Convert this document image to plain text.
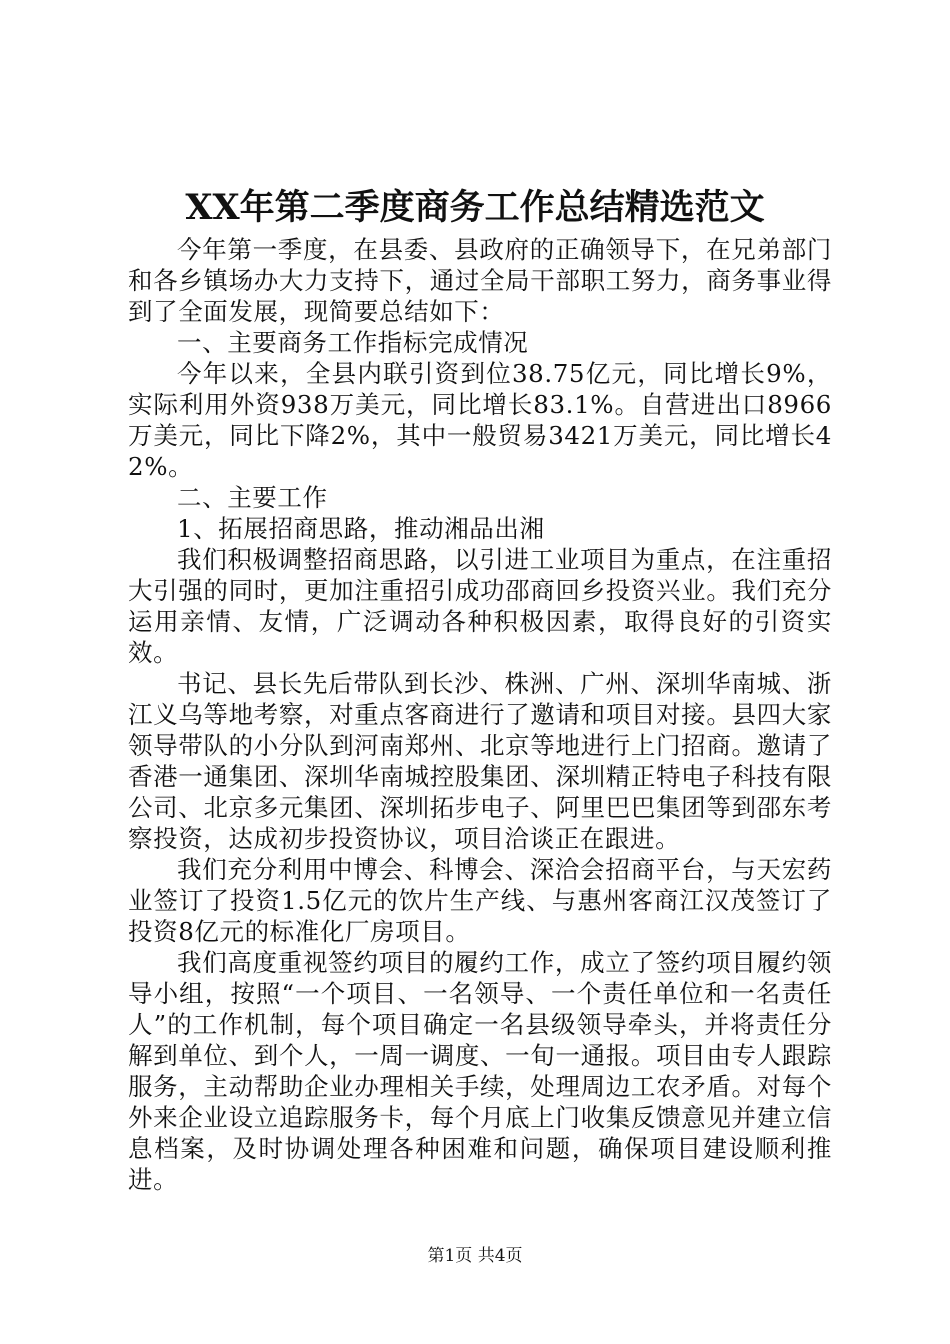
XX年第二季度商务工作总结精选范文

今年第一季度，在县委、县政府的正确领导下，在兄弟部门和各乡镇场办大力支持下，通过全局干部职工努力，商务事业得到了全面发展，现简要总结如下：

一、主要商务工作指标完成情况

今年以来，全县内联引资到位38.75亿元，同比增长9%，实际利用外资938万美元，同比增长83.1%。自营进出口8966万美元，同比下降2%，其中一般贸易3421万美元，同比增长42%。

二、主要工作

1、拓展招商思路，推动湘品出湘

我们积极调整招商思路，以引进工业项目为重点，在注重招大引强的同时，更加注重招引成功邵商回乡投资兴业。我们充分运用亲情、友情，广泛调动各种积极因素，取得良好的引资实效。

书记、县长先后带队到长沙、株洲、广州、深圳华南城、浙江义乌等地考察，对重点客商进行了邀请和项目对接。县四大家领导带队的小分队到河南郑州、北京等地进行上门招商。邀请了香港一通集团、深圳华南城控股集团、深圳精正特电子科技有限公司、北京多元集团、深圳拓步电子、阿里巴巴集团等到邵东考察投资，达成初步投资协议，项目洽谈正在跟进。

我们充分利用中博会、科博会、深洽会招商平台，与天宏药业签订了投资1.5亿元的饮片生产线、与惠州客商江汉茂签订了投资8亿元的标准化厂房项目。

我们高度重视签约项目的履约工作，成立了签约项目履约领导小组，按照“一个项目、一名领导、一个责任单位和一名责任人”的工作机制，每个项目确定一名县级领导牵头，并将责任分解到单位、到个人，一周一调度、一旬一通报。项目由专人跟踪服务，主动帮助企业办理相关手续，处理周边工农矛盾。对每个外来企业设立追踪服务卡，每个月底上门收集反馈意见并建立信息档案，及时协调处理各种困难和问题，确保项目建设顺利推进。

第1页 共4页
